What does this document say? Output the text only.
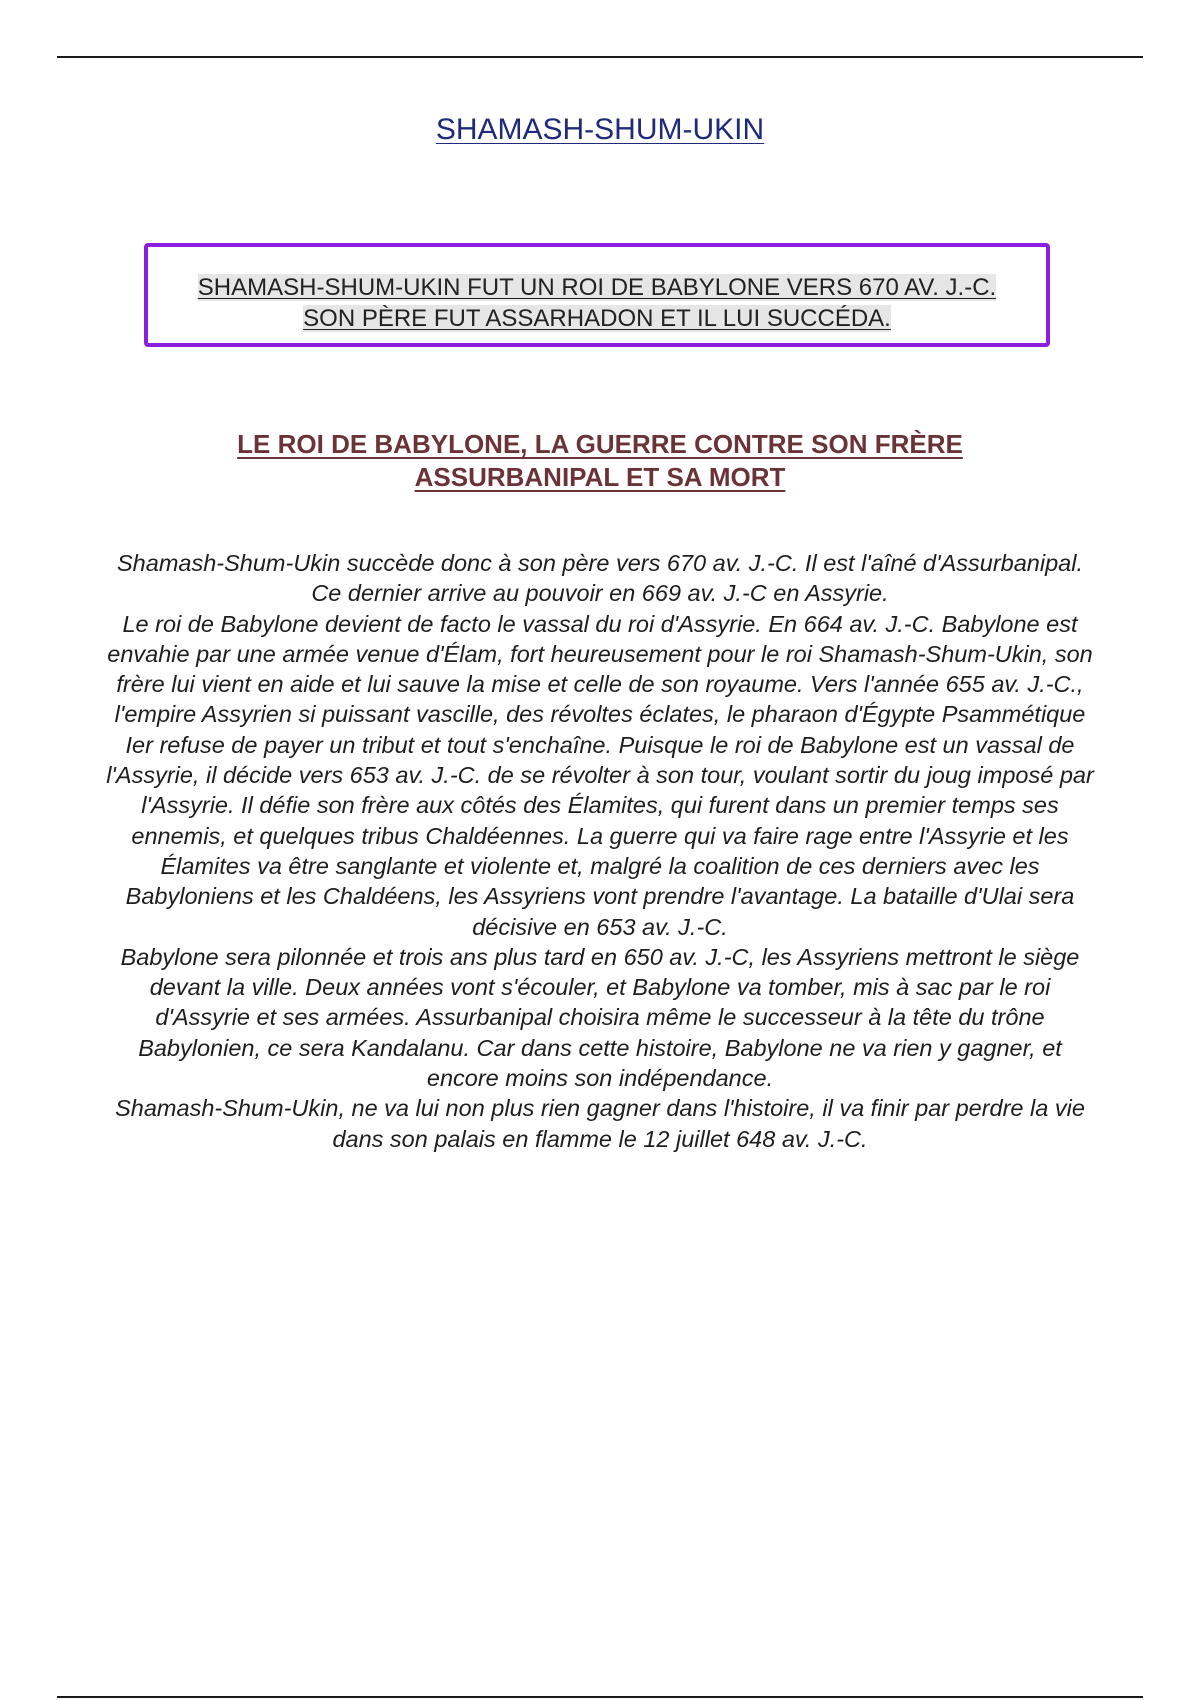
SHAMASH-SHUM-UKIN
SHAMASH-SHUM-UKIN FUT UN ROI DE BABYLONE VERS 670 AV. J.-C.
SON PÈRE FUT ASSARHADON ET IL LUI SUCCÉDA.
LE ROI DE BABYLONE, LA GUERRE CONTRE SON FRÈRE ASSURBANIPAL ET SA MORT

Shamash-Shum-Ukin succède donc à son père vers 670 av. J.-C. Il est l'aîné d'Assurbanipal. Ce dernier arrive au pouvoir en 669 av. J.-C en Assyrie.

Le roi de Babylone devient de facto le vassal du roi d'Assyrie. En 664 av. J.-C. Babylone est envahie par une armée venue d'Élam, fort heureusement pour le roi Shamash-Shum-Ukin, son frère lui vient en aide et lui sauve la mise et celle de son royaume. Vers l'année 655 av. J.-C., l'empire Assyrien si puissant vascille, des révoltes éclates, le pharaon d'Égypte Psammétique Ier refuse de payer un tribut et tout s'enchaîne. Puisque le roi de Babylone est un vassal de l'Assyrie, il décide vers 653 av. J.-C. de se révolter à son tour, voulant sortir du joug imposé par l'Assyrie. Il défie son frère aux côtés des Élamites, qui furent dans un premier temps ses ennemis, et quelques tribus Chaldéennes. La guerre qui va faire rage entre l'Assyrie et les Élamites va être sanglante et violente et, malgré la coalition de ces derniers avec les Babyloniens et les Chaldéens, les Assyriens vont prendre l'avantage. La bataille d'Ulai sera décisive en 653 av. J.-C.

Babylone sera pilonnée et trois ans plus tard en 650 av. J.-C, les Assyriens mettront le siège devant la ville. Deux années vont s'écouler, et Babylone va tomber, mis à sac par le roi d'Assyrie et ses armées. Assurbanipal choisira même le successeur à la tête du trône Babylonien, ce sera Kandalanu. Car dans cette histoire, Babylone ne va rien y gagner, et encore moins son indépendance.

Shamash-Shum-Ukin, ne va lui non plus rien gagner dans l'histoire, il va finir par perdre la vie dans son palais en flamme le 12 juillet 648 av. J.-C.
